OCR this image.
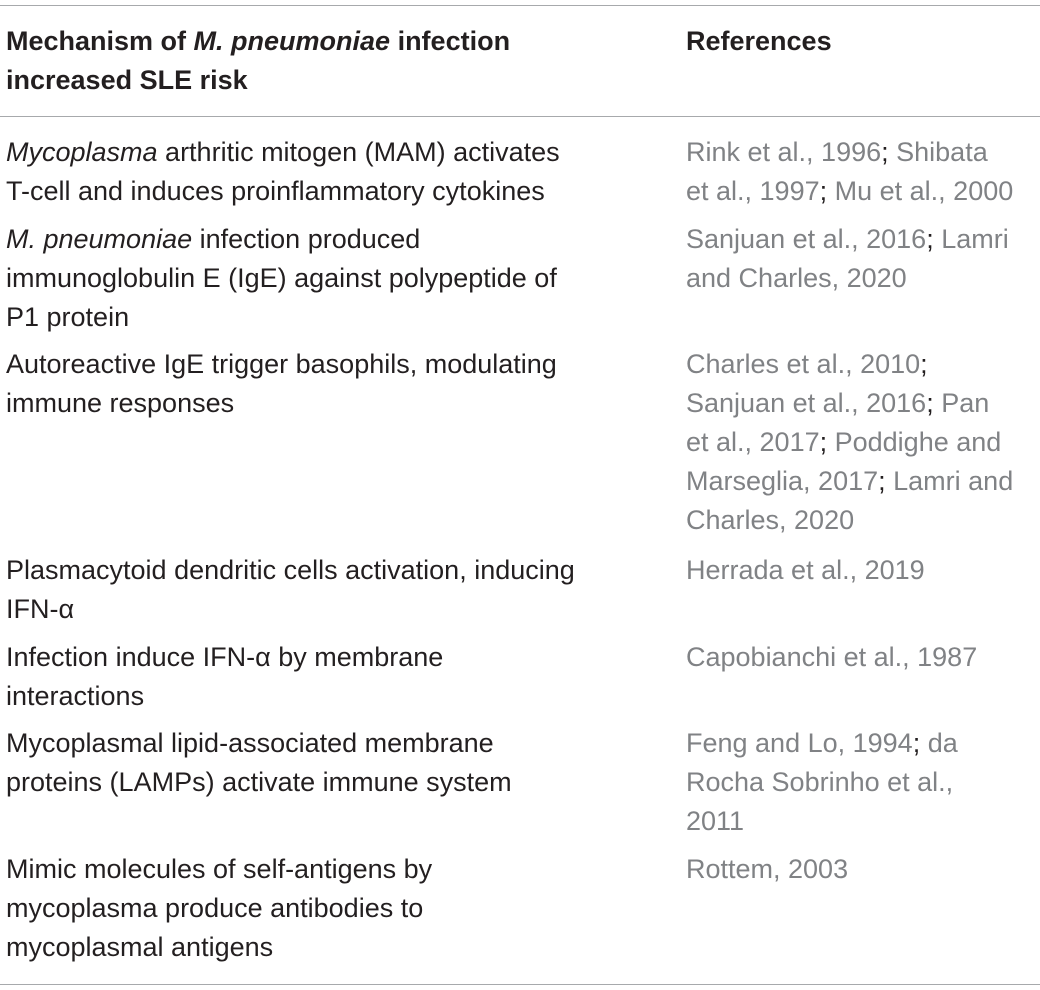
Mechanism of M. pneumoniae infection
increased SLE risk
References
Mycoplasma arthritic mitogen (MAM) activates
T-cell and induces proinflammatory cytokines
Rink et al., 1996; Shibata
et al., 1997; Mu et al., 2000
M. pneumoniae infection produced
immunoglobulin E (IgE) against polypeptide of
P1 protein
Sanjuan et al., 2016; Lamri
and Charles, 2020
Autoreactive IgE trigger basophils, modulating
immune responses
Charles et al., 2010;
Sanjuan et al., 2016; Pan
et al., 2017; Poddighe and
Marseglia, 2017; Lamri and
Charles, 2020
Plasmacytoid dendritic cells activation, inducing
IFN-α
Herrada et al., 2019
Infection induce IFN-α by membrane
interactions
Capobianchi et al., 1987
Mycoplasmal lipid-associated membrane
proteins (LAMPs) activate immune system
Feng and Lo, 1994; da
Rocha Sobrinho et al.,
2011
Mimic molecules of self-antigens by
mycoplasma produce antibodies to
mycoplasmal antigens
Rottem, 2003
